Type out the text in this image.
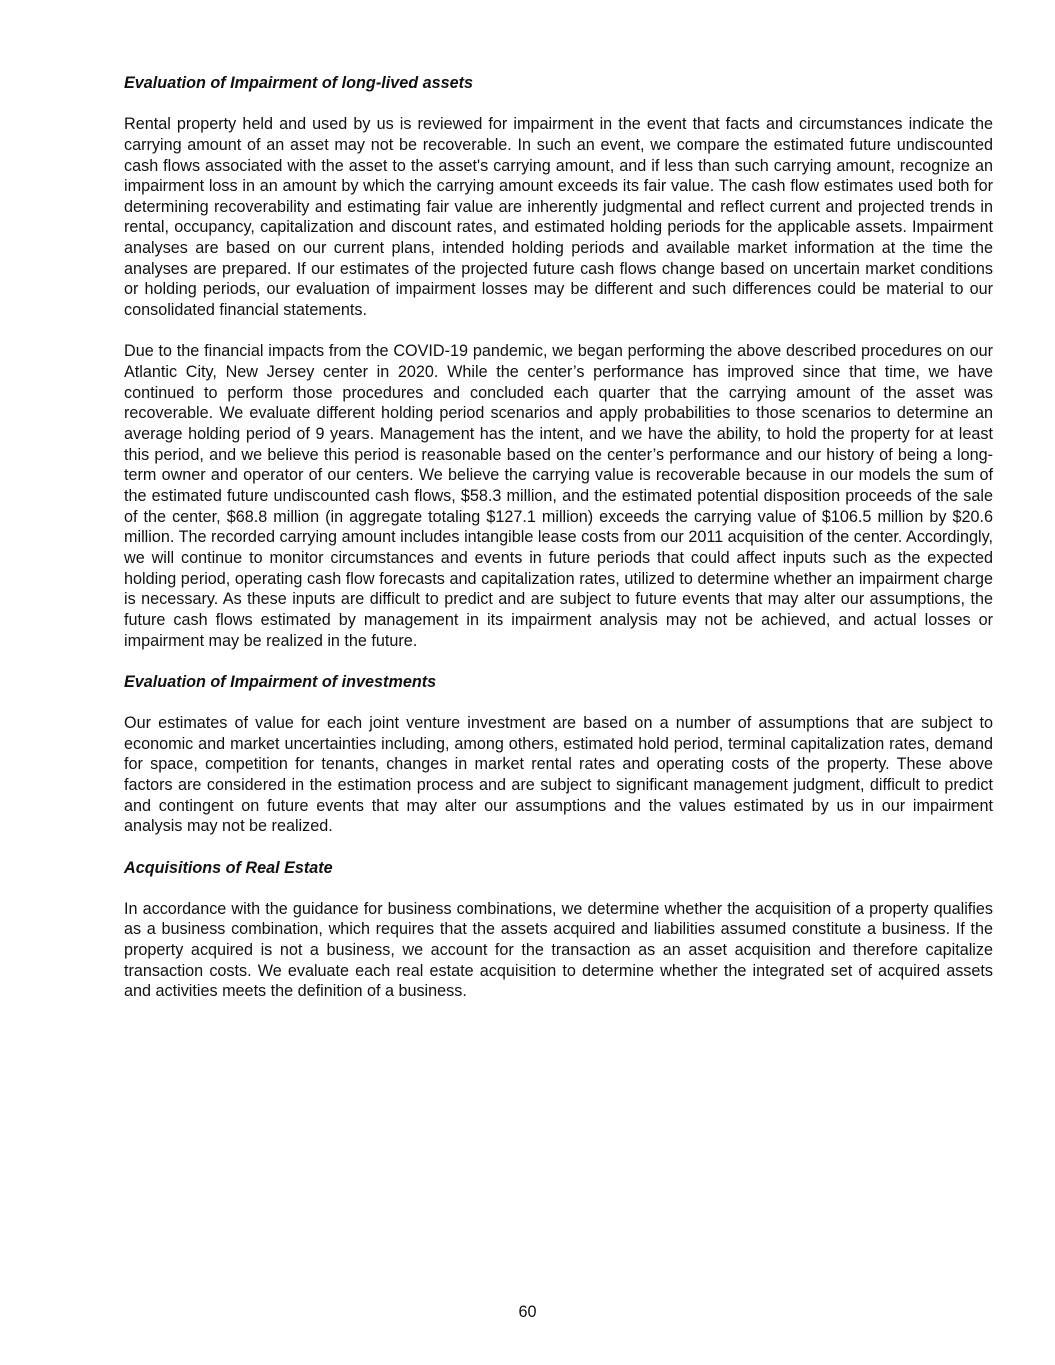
Evaluation of Impairment of long-lived assets

Rental property held and used by us is reviewed for impairment in the event that facts and circumstances indicate the carrying amount of an asset may not be recoverable. In such an event, we compare the estimated future undiscounted cash flows associated with the asset to the asset's carrying amount, and if less than such carrying amount, recognize an impairment loss in an amount by which the carrying amount exceeds its fair value. The cash flow estimates used both for determining recoverability and estimating fair value are inherently judgmental and reflect current and projected trends in rental, occupancy, capitalization and discount rates, and estimated holding periods for the applicable assets. Impairment analyses are based on our current plans, intended holding periods and available market information at the time the analyses are prepared. If our estimates of the projected future cash flows change based on uncertain market conditions or holding periods, our evaluation of impairment losses may be different and such differences could be material to our consolidated financial statements.

Due to the financial impacts from the COVID-19 pandemic, we began performing the above described procedures on our Atlantic City, New Jersey center in 2020. While the center’s performance has improved since that time, we have continued to perform those procedures and concluded each quarter that the carrying amount of the asset was recoverable. We evaluate different holding period scenarios and apply probabilities to those scenarios to determine an average holding period of 9 years. Management has the intent, and we have the ability, to hold the property for at least this period, and we believe this period is reasonable based on the center’s performance and our history of being a long-term owner and operator of our centers. We believe the carrying value is recoverable because in our models the sum of the estimated future undiscounted cash flows, $58.3 million, and the estimated potential disposition proceeds of the sale of the center, $68.8 million (in aggregate totaling $127.1 million) exceeds the carrying value of $106.5 million by $20.6 million. The recorded carrying amount includes intangible lease costs from our 2011 acquisition of the center. Accordingly, we will continue to monitor circumstances and events in future periods that could affect inputs such as the expected holding period, operating cash flow forecasts and capitalization rates, utilized to determine whether an impairment charge is necessary. As these inputs are difficult to predict and are subject to future events that may alter our assumptions, the future cash flows estimated by management in its impairment analysis may not be achieved, and actual losses or impairment may be realized in the future.

Evaluation of Impairment of investments

Our estimates of value for each joint venture investment are based on a number of assumptions that are subject to economic and market uncertainties including, among others, estimated hold period, terminal capitalization rates, demand for space, competition for tenants, changes in market rental rates and operating costs of the property. These above factors are considered in the estimation process and are subject to significant management judgment, difficult to predict and contingent on future events that may alter our assumptions and the values estimated by us in our impairment analysis may not be realized.

Acquisitions of Real Estate

In accordance with the guidance for business combinations, we determine whether the acquisition of a property qualifies as a business combination, which requires that the assets acquired and liabilities assumed constitute a business. If the property acquired is not a business, we account for the transaction as an asset acquisition and therefore capitalize transaction costs. We evaluate each real estate acquisition to determine whether the integrated set of acquired assets and activities meets the definition of a business.

60
